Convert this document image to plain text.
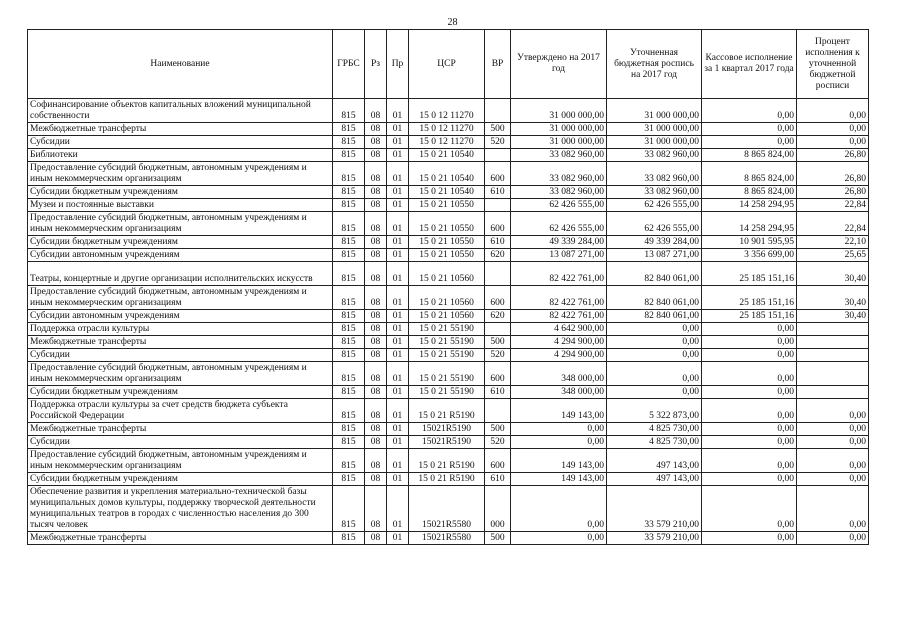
28
Наименование	ГРБС	Рз	Пр	ЦСР	ВР	Утверждено на 2017 год	Уточненная бюджетная роспись на 2017 год	Кассовое исполнение за 1 квартал 2017 года	Процент исполнения к уточненной бюджетной росписи
Софинансирование объектов капитальных вложений муниципальной собственности	815	08	01	15 0 12 11270		31 000 000,00	31 000 000,00	0,00	0,00
Межбюджетные трансферты	815	08	01	15 0 12 11270	500	31 000 000,00	31 000 000,00	0,00	0,00
Субсидии	815	08	01	15 0 12 11270	520	31 000 000,00	31 000 000,00	0,00	0,00
Библиотеки	815	08	01	15 0 21 10540		33 082 960,00	33 082 960,00	8 865 824,00	26,80
Предоставление субсидий бюджетным, автономным учреждениям и иным некоммерческим организациям	815	08	01	15 0 21 10540	600	33 082 960,00	33 082 960,00	8 865 824,00	26,80
Субсидии бюджетным учреждениям	815	08	01	15 0 21 10540	610	33 082 960,00	33 082 960,00	8 865 824,00	26,80
Музеи и постоянные выставки	815	08	01	15 0 21 10550		62 426 555,00	62 426 555,00	14 258 294,95	22,84
Предоставление субсидий бюджетным, автономным учреждениям и иным некоммерческим организациям	815	08	01	15 0 21 10550	600	62 426 555,00	62 426 555,00	14 258 294,95	22,84
Субсидии бюджетным учреждениям	815	08	01	15 0 21 10550	610	49 339 284,00	49 339 284,00	10 901 595,95	22,10
Субсидии автономным учреждениям	815	08	01	15 0 21 10550	620	13 087 271,00	13 087 271,00	3 356 699,00	25,65
Театры, концертные и другие организации исполнительских искусств	815	08	01	15 0 21 10560		82 422 761,00	82 840 061,00	25 185 151,16	30,40
Предоставление субсидий бюджетным, автономным учреждениям и иным некоммерческим организациям	815	08	01	15 0 21 10560	600	82 422 761,00	82 840 061,00	25 185 151,16	30,40
Субсидии автономным учреждениям	815	08	01	15 0 21 10560	620	82 422 761,00	82 840 061,00	25 185 151,16	30,40
Поддержка отрасли культуры	815	08	01	15 0 21 55190		4 642 900,00	0,00	0,00	
Межбюджетные трансферты	815	08	01	15 0 21 55190	500	4 294 900,00	0,00	0,00	
Субсидии	815	08	01	15 0 21 55190	520	4 294 900,00	0,00	0,00	
Предоставление субсидий бюджетным, автономным учреждениям и иным некоммерческим организациям	815	08	01	15 0 21 55190	600	348 000,00	0,00	0,00	
Субсидии бюджетным учреждениям	815	08	01	15 0 21 55190	610	348 000,00	0,00	0,00	
Поддержка отрасли культуры за счет средств бюджета субъекта Российской Федерации	815	08	01	15 0 21 R5190		149 143,00	5 322 873,00	0,00	0,00
Межбюджетные трансферты	815	08	01	15021R5190	500	0,00	4 825 730,00	0,00	0,00
Субсидии	815	08	01	15021R5190	520	0,00	4 825 730,00	0,00	0,00
Предоставление субсидий бюджетным, автономным учреждениям и иным некоммерческим организациям	815	08	01	15 0 21 R5190	600	149 143,00	497 143,00	0,00	0,00
Субсидии бюджетным учреждениям	815	08	01	15 0 21 R5190	610	149 143,00	497 143,00	0,00	0,00
Обеспечение развития и укрепления материально-технической базы муниципальных домов культуры, поддержку творческой деятельности муниципальных театров в городах с численностью населения до 300 тысяч человек	815	08	01	15021R5580	000	0,00	33 579 210,00	0,00	0,00
Межбюджетные трансферты	815	08	01	15021R5580	500	0,00	33 579 210,00	0,00	0,00
